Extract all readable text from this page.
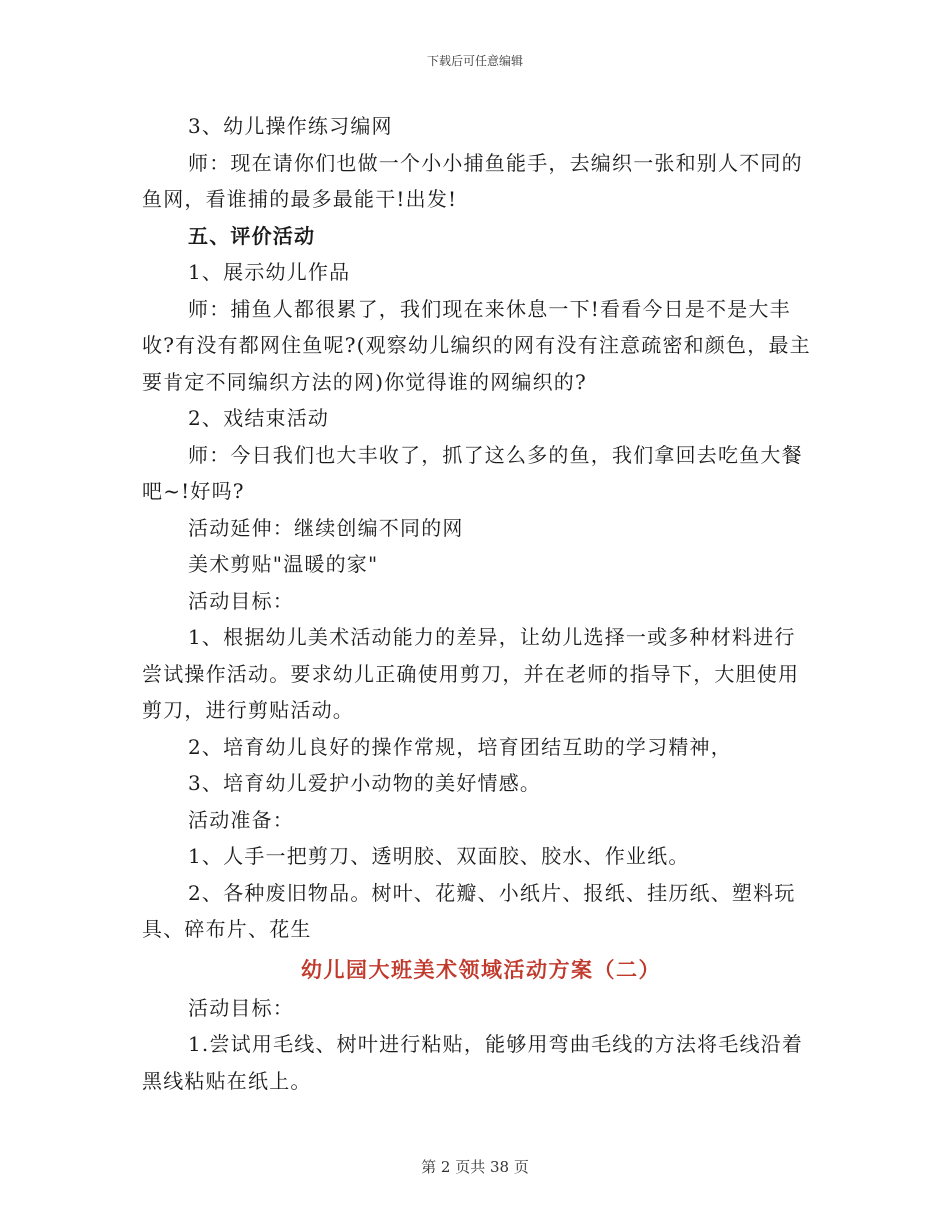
下载后可任意编辑

3、幼儿操作练习编网

师：现在请你们也做一个小小捕鱼能手，去编织一张和别人不同的鱼网，看谁捕的最多最能干!出发!

五、评价活动

1、展示幼儿作品

师：捕鱼人都很累了，我们现在来休息一下!看看今日是不是大丰收?有没有都网住鱼呢?(观察幼儿编织的网有没有注意疏密和颜色，最主要肯定不同编织方法的网)你觉得谁的网编织的?

2、戏结束活动

师：今日我们也大丰收了，抓了这么多的鱼，我们拿回去吃鱼大餐吧~!好吗?

活动延伸：继续创编不同的网

美术剪贴"温暖的家"

活动目标：

1、根据幼儿美术活动能力的差异，让幼儿选择一或多种材料进行尝试操作活动。要求幼儿正确使用剪刀，并在老师的指导下，大胆使用剪刀，进行剪贴活动。

2、培育幼儿良好的操作常规，培育团结互助的学习精神，

3、培育幼儿爱护小动物的美好情感。

活动准备：

1、人手一把剪刀、透明胶、双面胶、胶水、作业纸。

2、各种废旧物品。树叶、花瓣、小纸片、报纸、挂历纸、塑料玩具、碎布片、花生

幼儿园大班美术领域活动方案（二）

活动目标：

1.尝试用毛线、树叶进行粘贴，能够用弯曲毛线的方法将毛线沿着黑线粘贴在纸上。

第 2 页共 38 页
